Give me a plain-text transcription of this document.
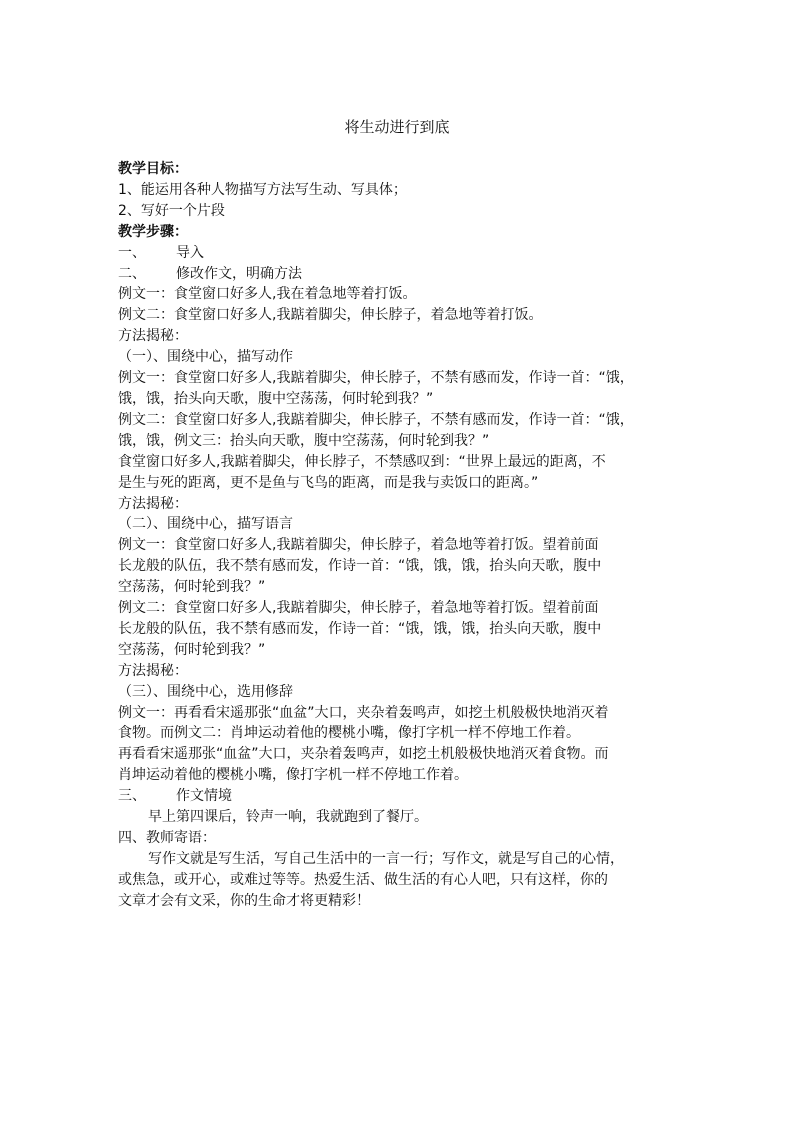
将生动进行到底

教学目标：

1、能运用各种人物描写方法写生动、写具体；

2、写好一个片段

教学步骤：

一、 导入

二、 修改作文，明确方法

例文一：食堂窗口好多人,我在着急地等着打饭。

例文二：食堂窗口好多人,我踮着脚尖，伸长脖子，着急地等着打饭。

方法揭秘：

（一）、围绕中心，描写动作

例文一：食堂窗口好多人,我踮着脚尖，伸长脖子，不禁有感而发，作诗一首：“饿，

饿，饿，抬头向天歌，腹中空荡荡，何时轮到我？”

例文二：食堂窗口好多人,我踮着脚尖，伸长脖子，不禁有感而发，作诗一首：“饿，

饿，饿，例文三：抬头向天歌，腹中空荡荡，何时轮到我？”

食堂窗口好多人,我踮着脚尖，伸长脖子，不禁感叹到：“世界上最远的距离，不

是生与死的距离，更不是鱼与飞鸟的距离，而是我与卖饭口的距离。”

方法揭秘：

（二）、围绕中心，描写语言

例文一：食堂窗口好多人,我踮着脚尖，伸长脖子，着急地等着打饭。望着前面

长龙般的队伍，我不禁有感而发，作诗一首：“饿，饿，饿，抬头向天歌，腹中

空荡荡，何时轮到我？”

例文二：食堂窗口好多人,我踮着脚尖，伸长脖子，着急地等着打饭。望着前面

长龙般的队伍，我不禁有感而发，作诗一首：“饿，饿，饿，抬头向天歌，腹中

空荡荡，何时轮到我？”

方法揭秘：

（三）、围绕中心，选用修辞

例文一：再看看宋遥那张“血盆”大口，夹杂着轰鸣声，如挖土机般极快地消灭着

食物。而例文二：肖坤运动着他的樱桃小嘴，像打字机一样不停地工作着。

再看看宋遥那张“血盆”大口，夹杂着轰鸣声，如挖土机般极快地消灭着食物。而

肖坤运动着他的樱桃小嘴，像打字机一样不停地工作着。

三、 作文情境

早上第四课后，铃声一响，我就跑到了餐厅。

四、教师寄语：

写作文就是写生活，写自己生活中的一言一行；写作文，就是写自己的心情，

或焦急，或开心，或难过等等。热爱生活、做生活的有心人吧，只有这样，你的

文章才会有文采，你的生命才将更精彩！
